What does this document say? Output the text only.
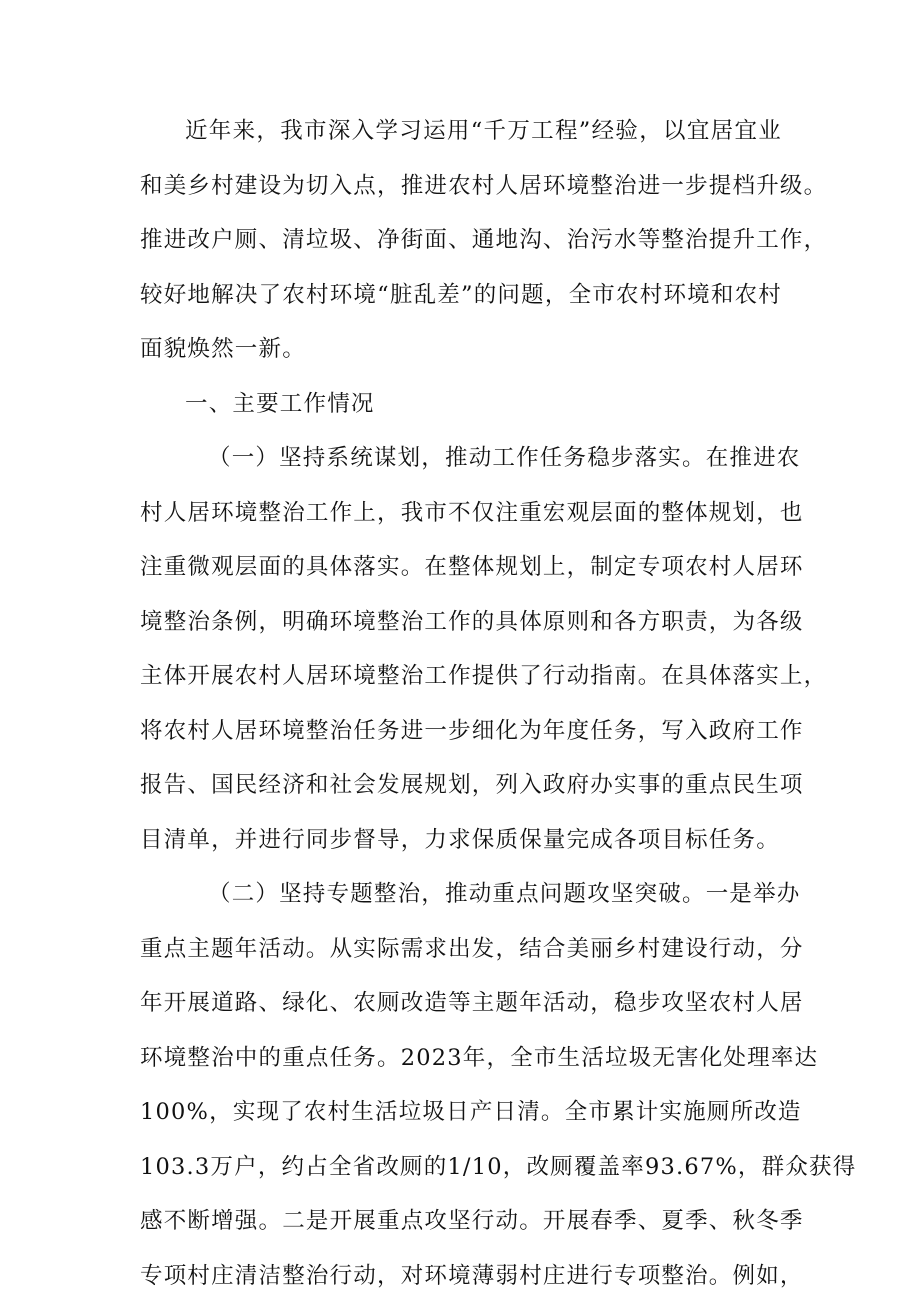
近年来，我市深入学习运用“千万工程”经验，以宜居宜业
和美乡村建设为切入点，推进农村人居环境整治进一步提档升级。
推进改户厕、清垃圾、净街面、通地沟、治污水等整治提升工作，
较好地解决了农村环境“脏乱差”的问题，全市农村环境和农村
面貌焕然一新。
一、主要工作情况
（一）坚持系统谋划，推动工作任务稳步落实。在推进农
村人居环境整治工作上，我市不仅注重宏观层面的整体规划，也
注重微观层面的具体落实。在整体规划上，制定专项农村人居环
境整治条例，明确环境整治工作的具体原则和各方职责，为各级
主体开展农村人居环境整治工作提供了行动指南。在具体落实上，
将农村人居环境整治任务进一步细化为年度任务，写入政府工作
报告、国民经济和社会发展规划，列入政府办实事的重点民生项
目清单，并进行同步督导，力求保质保量完成各项目标任务。
（二）坚持专题整治，推动重点问题攻坚突破。一是举办
重点主题年活动。从实际需求出发，结合美丽乡村建设行动，分
年开展道路、绿化、农厕改造等主题年活动，稳步攻坚农村人居
环境整治中的重点任务。2023年，全市生活垃圾无害化处理率达
100%，实现了农村生活垃圾日产日清。全市累计实施厕所改造
103.3万户，约占全省改厕的1/10，改厕覆盖率93.67%，群众获得
感不断增强。二是开展重点攻坚行动。开展春季、夏季、秋冬季
专项村庄清洁整治行动，对环境薄弱村庄进行专项整治。例如，
